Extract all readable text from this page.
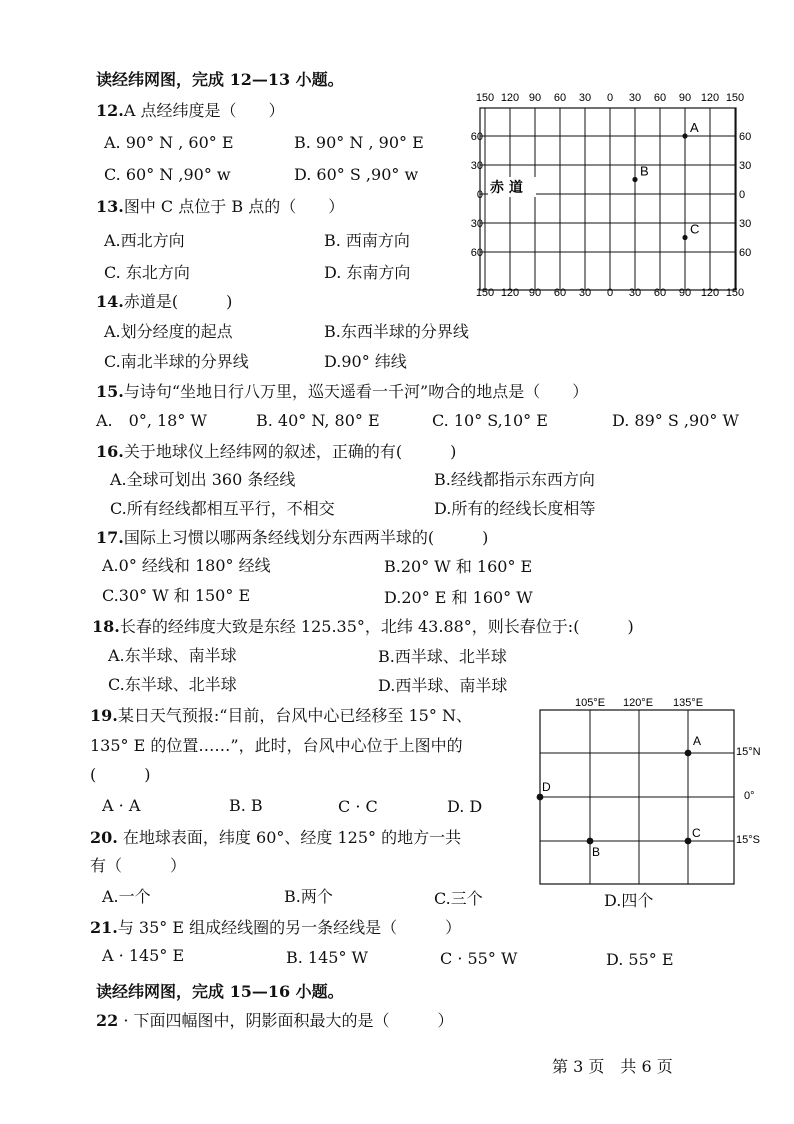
读经纬网图，完成 12—13 小题。
12.A 点经纬度是（　　）
A. 90° N , 60° E	B. 90° N , 90° E
C. 60° N ,90° w	D. 60° S ,90° w
13.图中 C 点位于 B 点的（　　）
A.西北方向	B. 西南方向
C. 东北方向	D. 东南方向
14.赤道是(　　　)
A.划分经度的起点	B.东西半球的分界线
C.南北半球的分界线	D.90° 纬线
15.与诗句“坐地日行八万里，巡天遥看一千河”吻合的地点是（　　）
A.　0°, 18° W	B. 40° N, 80° E	C. 10° S,10° E	D. 89° S ,90° W
16.关于地球仪上经纬网的叙述，正确的有(　　　)
A.全球可划出 360 条经线	B.经线都指示东西方向
C.所有经线都相互平行，不相交	D.所有的经线长度相等
17.国际上习惯以哪两条经线划分东西两半球的(　　　)
A.0° 经线和 180° 经线	B.20° W 和 160° E
C.30° W 和 150° E	D.20° E 和 160° W
18.长春的经纬度大致是东经 125.35°，北纬 43.88°，则长春位于:(　　　)
A.东半球、南半球	B.西半球、北半球
C.东半球、北半球	D.西半球、南半球
19.某日天气预报:“目前，台风中心已经移至 15° N、
135° E 的位置……”，此时，台风中心位于上图中的
(　　　)
A · A	B. B	C · C	D. D
20. 在地球表面，纬度 60°、经度 125° 的地方一共
有（　　　）
A.一个	B.两个	C.三个	D.四个
21.与 35° E 组成经线圈的另一条经线是（　　　）
A · 145° E	B. 145° W	C · 55° W	D. 55° E
读经纬网图，完成 15—16 小题。
22 · 下面四幅图中，阴影面积最大的是（　　　）
第 3 页　共 6 页
150 120 90 60 30 0 30 60 90 120 150
150 120 90 60 30 0 30 60 90 120 150
60
30
0
30
60
60
30
0
30
60
赤 道
A
B
C
105°E 120°E 135°E
15°N
0°
15°S
A
B
C
D
